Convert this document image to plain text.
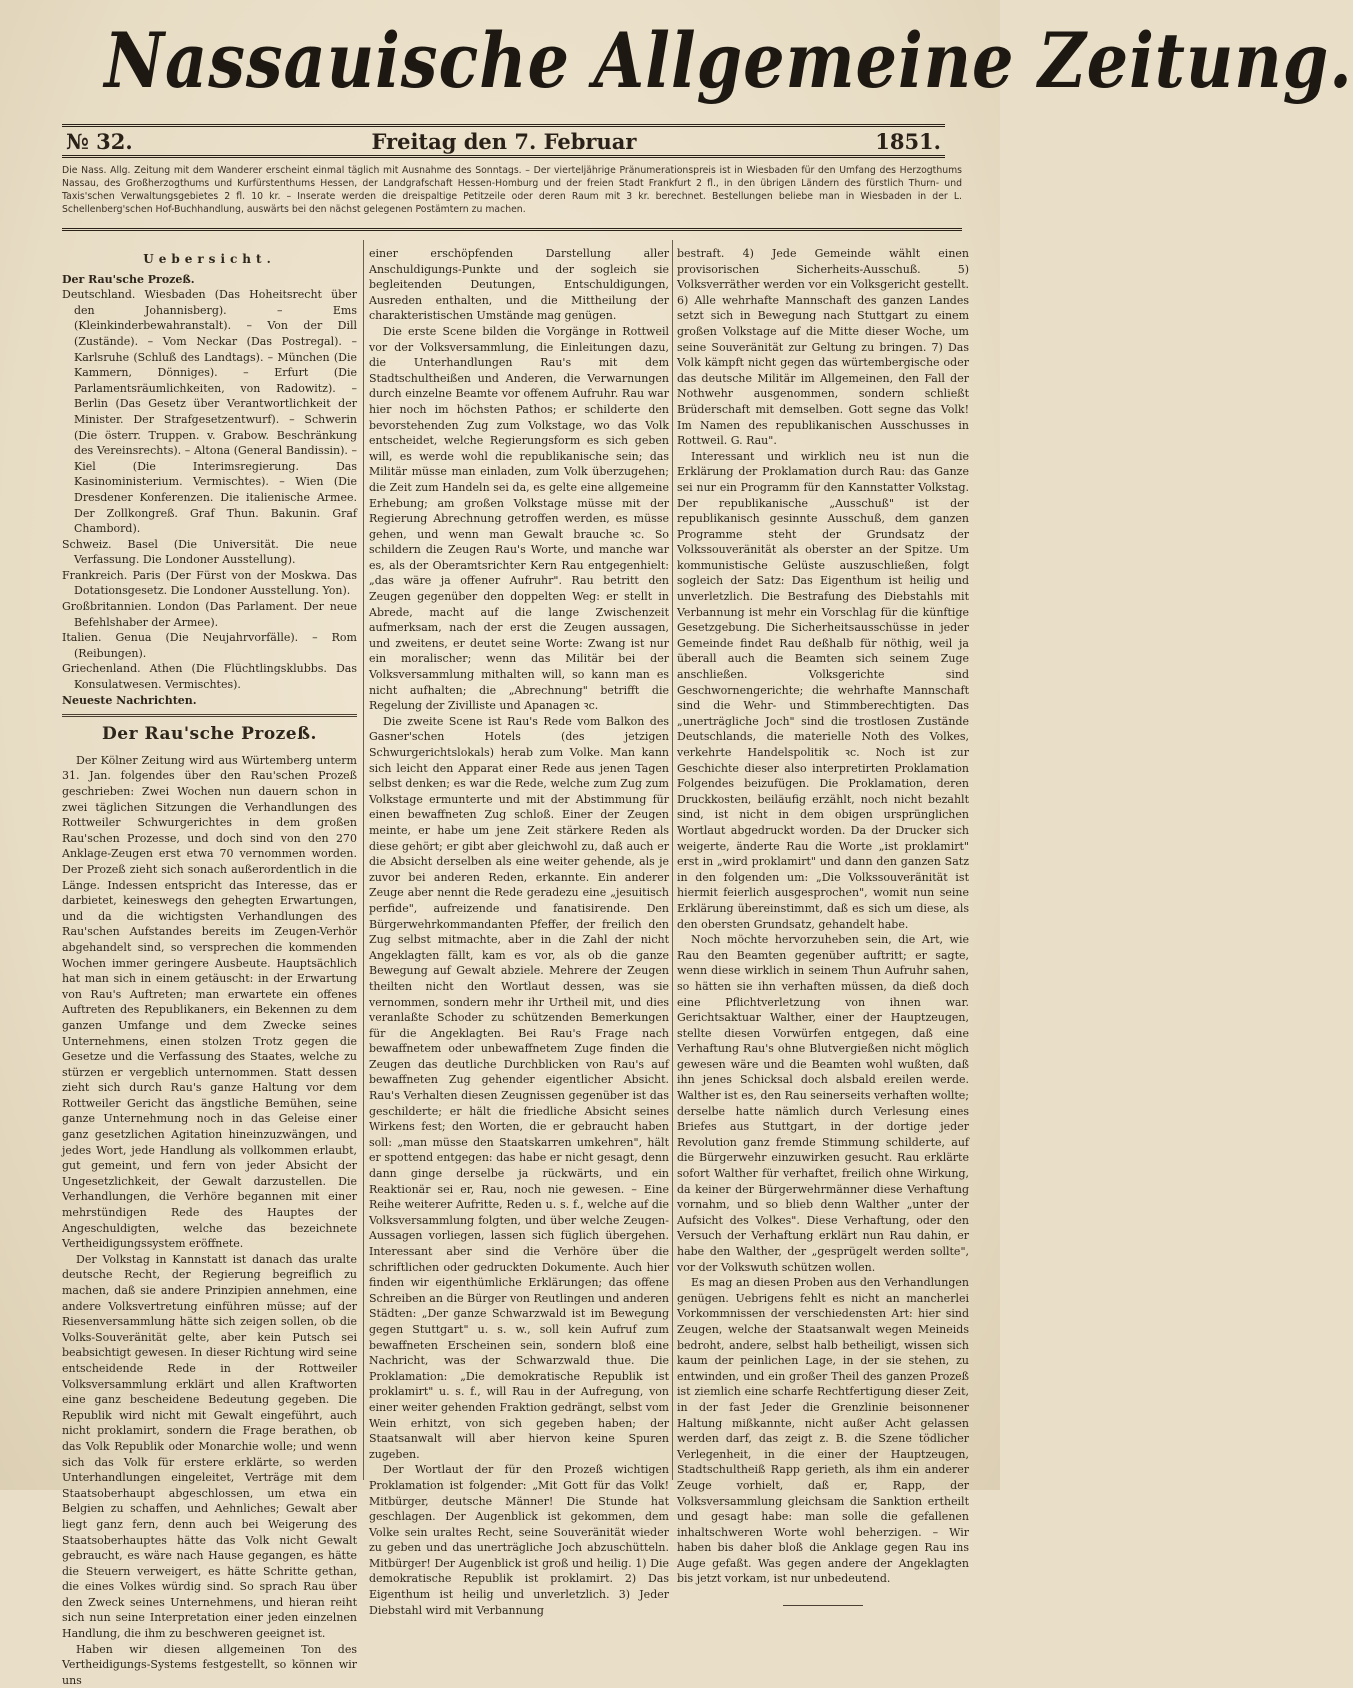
Nassauische Allgemeine Zeitung.
№ 32.	Freitag den 7. Februar	1851.
Die Nass. Allg. Zeitung mit dem Wanderer erscheint einmal täglich mit Ausnahme des Sonntags. – Der vierteljährige Pränumerationspreis ist in Wiesbaden für den Umfang des Herzogthums Nassau, des Großherzogthums und Kurfürstenthums Hessen, der Landgrafschaft Hessen-Homburg und der freien Stadt Frankfurt 2 fl., in den übrigen Ländern des fürstlich Thurn- und Taxis'schen Verwaltungsgebietes 2 fl. 10 kr. – Inserate werden die dreispaltige Petitzeile oder deren Raum mit 3 kr. berechnet. Bestellungen beliebe man in Wiesbaden in der L. Schellenberg'schen Hof-Buchhandlung, auswärts bei den nächst gelegenen Postämtern zu machen.
Uebersicht.

Der Rau'sche Prozeß.

Deutschland. Wiesbaden (Das Hoheitsrecht über den Johannisberg). – Ems (Kleinkinderbewahranstalt). – Von der Dill (Zustände). – Vom Neckar (Das Postregal). – Karlsruhe (Schluß des Landtags). – München (Die Kammern, Dönniges). – Erfurt (Die Parlamentsräumlichkeiten, von Radowitz). – Berlin (Das Gesetz über Verantwortlichkeit der Minister. Der Strafgesetzentwurf). – Schwerin (Die österr. Truppen. v. Grabow. Beschränkung des Vereinsrechts). – Altona (General Bandissin). – Kiel (Die Interimsregierung. Das Kasinoministerium. Vermischtes). – Wien (Die Dresdener Konferenzen. Die italienische Armee. Der Zollkongreß. Graf Thun. Bakunin. Graf Chambord).

Schweiz. Basel (Die Universität. Die neue Verfassung. Die Londoner Ausstellung).

Frankreich. Paris (Der Fürst von der Moskwa. Das Dotationsgesetz. Die Londoner Ausstellung. Yon).

Großbritannien. London (Das Parlament. Der neue Befehlshaber der Armee).

Italien. Genua (Die Neujahrvorfälle). – Rom (Reibungen).

Griechenland. Athen (Die Flüchtlingsklubbs. Das Konsulatwesen. Vermischtes).

Neueste Nachrichten.

Der Rau'sche Prozeß.

Der Kölner Zeitung wird aus Würtemberg unterm 31. Jan. folgendes über den Rau'schen Prozeß geschrieben: Zwei Wochen nun dauern schon in zwei täglichen Sitzungen die Verhandlungen des Rottweiler Schwurgerichtes in dem großen Rau'schen Prozesse, und doch sind von den 270 Anklage-Zeugen erst etwa 70 vernommen worden. Der Prozeß zieht sich sonach außerordentlich in die Länge. Indessen entspricht das Interesse, das er darbietet, keineswegs den gehegten Erwartungen, und da die wichtigsten Verhandlungen des Rau'schen Aufstandes bereits im Zeugen-Verhör abgehandelt sind, so versprechen die kommenden Wochen immer geringere Ausbeute. Hauptsächlich hat man sich in einem getäuscht: in der Erwartung von Rau's Auftreten; man erwartete ein offenes Auftreten des Republikaners, ein Bekennen zu dem ganzen Umfange und dem Zwecke seines Unternehmens, einen stolzen Trotz gegen die Gesetze und die Verfassung des Staates, welche zu stürzen er vergeblich unternommen. Statt dessen zieht sich durch Rau's ganze Haltung vor dem Rottweiler Gericht das ängstliche Bemühen, seine ganze Unternehmung noch in das Geleise einer ganz gesetzlichen Agitation hineinzuzwängen, und jedes Wort, jede Handlung als vollkommen erlaubt, gut gemeint, und fern von jeder Absicht der Ungesetzlichkeit, der Gewalt darzustellen. Die Verhandlungen, die Verhöre begannen mit einer mehrstündigen Rede des Hauptes der Angeschuldigten, welche das bezeichnete Vertheidigungssystem eröffnete.

Der Volkstag in Kannstatt ist danach das uralte deutsche Recht, der Regierung begreiflich zu machen, daß sie andere Prinzipien annehmen, eine andere Volksvertretung einführen müsse; auf der Riesenversammlung hätte sich zeigen sollen, ob die Volks-Souveränität gelte, aber kein Putsch sei beabsichtigt gewesen. In dieser Richtung wird seine entscheidende Rede in der Rottweiler Volksversammlung erklärt und allen Kraftworten eine ganz bescheidene Bedeutung gegeben. Die Republik wird nicht mit Gewalt eingeführt, auch nicht proklamirt, sondern die Frage berathen, ob das Volk Republik oder Monarchie wolle; und wenn sich das Volk für erstere erklärte, so werden Unterhandlungen eingeleitet, Verträge mit dem Staatsoberhaupt abgeschlossen, um etwa ein Belgien zu schaffen, und Aehnliches; Gewalt aber liegt ganz fern, denn auch bei Weigerung des Staatsoberhauptes hätte das Volk nicht Gewalt gebraucht, es wäre nach Hause gegangen, es hätte die Steuern verweigert, es hätte Schritte gethan, die eines Volkes würdig sind. So sprach Rau über den Zweck seines Unternehmens, und hieran reiht sich nun seine Interpretation einer jeden einzelnen Handlung, die ihm zu beschweren geeignet ist.

Haben wir diesen allgemeinen Ton des Vertheidigungs-Systems festgestellt, so können wir uns

einer erschöpfenden Darstellung aller Anschuldigungs-Punkte und der sogleich sie begleitenden Deutungen, Entschuldigungen, Ausreden enthalten, und die Mittheilung der charakteristischen Umstände mag genügen.

Die erste Scene bilden die Vorgänge in Rottweil vor der Volksversammlung, die Einleitungen dazu, die Unterhandlungen Rau's mit dem Stadtschultheißen und Anderen, die Verwarnungen durch einzelne Beamte vor offenem Aufruhr. Rau war hier noch im höchsten Pathos; er schilderte den bevorstehenden Zug zum Volkstage, wo das Volk entscheidet, welche Regierungsform es sich geben will, es werde wohl die republikanische sein; das Militär müsse man einladen, zum Volk überzugehen; die Zeit zum Handeln sei da, es gelte eine allgemeine Erhebung; am großen Volkstage müsse mit der Regierung Abrechnung getroffen werden, es müsse gehen, und wenn man Gewalt brauche ꝛc. So schildern die Zeugen Rau's Worte, und manche war es, als der Oberamtsrichter Kern Rau entgegenhielt: „das wäre ja offener Aufruhr". Rau betritt den Zeugen gegenüber den doppelten Weg: er stellt in Abrede, macht auf die lange Zwischenzeit aufmerksam, nach der erst die Zeugen aussagen, und zweitens, er deutet seine Worte: Zwang ist nur ein moralischer; wenn das Militär bei der Volksversammlung mithalten will, so kann man es nicht aufhalten; die „Abrechnung" betrifft die Regelung der Zivilliste und Apanagen ꝛc.

Die zweite Scene ist Rau's Rede vom Balkon des Gasner'schen Hotels (des jetzigen Schwurgerichtslokals) herab zum Volke. Man kann sich leicht den Apparat einer Rede aus jenen Tagen selbst denken; es war die Rede, welche zum Zug zum Volkstage ermunterte und mit der Abstimmung für einen bewaffneten Zug schloß. Einer der Zeugen meinte, er habe um jene Zeit stärkere Reden als diese gehört; er gibt aber gleichwohl zu, daß auch er die Absicht derselben als eine weiter gehende, als je zuvor bei anderen Reden, erkannte. Ein anderer Zeuge aber nennt die Rede geradezu eine „jesuitisch perfide", aufreizende und fanatisirende. Den Bürgerwehrkommandanten Pfeffer, der freilich den Zug selbst mitmachte, aber in die Zahl der nicht Angeklagten fällt, kam es vor, als ob die ganze Bewegung auf Gewalt abziele. Mehrere der Zeugen theilten nicht den Wortlaut dessen, was sie vernommen, sondern mehr ihr Urtheil mit, und dies veranlaßte Schoder zu schützenden Bemerkungen für die Angeklagten. Bei Rau's Frage nach bewaffnetem oder unbewaffnetem Zuge finden die Zeugen das deutliche Durchblicken von Rau's auf bewaffneten Zug gehender eigentlicher Absicht. Rau's Verhalten diesen Zeugnissen gegenüber ist das geschilderte; er hält die friedliche Absicht seines Wirkens fest; den Worten, die er gebraucht haben soll: „man müsse den Staatskarren umkehren", hält er spottend entgegen: das habe er nicht gesagt, denn dann ginge derselbe ja rückwärts, und ein Reaktionär sei er, Rau, noch nie gewesen. – Eine Reihe weiterer Aufritte, Reden u. s. f., welche auf die Volksversammlung folgten, und über welche Zeugen-Aussagen vorliegen, lassen sich füglich übergehen. Interessant aber sind die Verhöre über die schriftlichen oder gedruckten Dokumente. Auch hier finden wir eigenthümliche Erklärungen; das offene Schreiben an die Bürger von Reutlingen und anderen Städten: „Der ganze Schwarzwald ist im Bewegung gegen Stuttgart" u. s. w., soll kein Aufruf zum bewaffneten Erscheinen sein, sondern bloß eine Nachricht, was der Schwarzwald thue. Die Proklamation: „Die demokratische Republik ist proklamirt" u. s. f., will Rau in der Aufregung, von einer weiter gehenden Fraktion gedrängt, selbst vom Wein erhitzt, von sich gegeben haben; der Staatsanwalt will aber hiervon keine Spuren zugeben.

Der Wortlaut der für den Prozeß wichtigen Proklamation ist folgender: „Mit Gott für das Volk! Mitbürger, deutsche Männer! Die Stunde hat geschlagen. Der Augenblick ist gekommen, dem Volke sein uraltes Recht, seine Souveränität wieder zu geben und das unerträgliche Joch abzuschütteln. Mitbürger! Der Augenblick ist groß und heilig. 1) Die demokratische Republik ist proklamirt. 2) Das Eigenthum ist heilig und unverletzlich. 3) Jeder Diebstahl wird mit Verbannung

bestraft. 4) Jede Gemeinde wählt einen provisorischen Sicherheits-Ausschuß. 5) Volksverräther werden vor ein Volksgericht gestellt. 6) Alle wehrhafte Mannschaft des ganzen Landes setzt sich in Bewegung nach Stuttgart zu einem großen Volkstage auf die Mitte dieser Woche, um seine Souveränität zur Geltung zu bringen. 7) Das Volk kämpft nicht gegen das würtembergische oder das deutsche Militär im Allgemeinen, den Fall der Nothwehr ausgenommen, sondern schließt Brüderschaft mit demselben. Gott segne das Volk! Im Namen des republikanischen Ausschusses in Rottweil. G. Rau".

Interessant und wirklich neu ist nun die Erklärung der Proklamation durch Rau: das Ganze sei nur ein Programm für den Kannstatter Volkstag. Der republikanische „Ausschuß" ist der republikanisch gesinnte Ausschuß, dem ganzen Programme steht der Grundsatz der Volkssouveränität als oberster an der Spitze. Um kommunistische Gelüste auszuschließen, folgt sogleich der Satz: Das Eigenthum ist heilig und unverletzlich. Die Bestrafung des Diebstahls mit Verbannung ist mehr ein Vorschlag für die künftige Gesetzgebung. Die Sicherheitsausschüsse in jeder Gemeinde findet Rau deßhalb für nöthig, weil ja überall auch die Beamten sich seinem Zuge anschließen. Volksgerichte sind Geschwornengerichte; die wehrhafte Mannschaft sind die Wehr- und Stimmberechtigten. Das „unerträgliche Joch" sind die trostlosen Zustände Deutschlands, die materielle Noth des Volkes, verkehrte Handelspolitik ꝛc. Noch ist zur Geschichte dieser also interpretirten Proklamation Folgendes beizufügen. Die Proklamation, deren Druckkosten, beiläufig erzählt, noch nicht bezahlt sind, ist nicht in dem obigen ursprünglichen Wortlaut abgedruckt worden. Da der Drucker sich weigerte, änderte Rau die Worte „ist proklamirt" erst in „wird proklamirt" und dann den ganzen Satz in den folgenden um: „Die Volkssouveränität ist hiermit feierlich ausgesprochen", womit nun seine Erklärung übereinstimmt, daß es sich um diese, als den obersten Grundsatz, gehandelt habe.

Noch möchte hervorzuheben sein, die Art, wie Rau den Beamten gegenüber auftritt; er sagte, wenn diese wirklich in seinem Thun Aufruhr sahen, so hätten sie ihn verhaften müssen, da dieß doch eine Pflichtverletzung von ihnen war. Gerichtsaktuar Walther, einer der Hauptzeugen, stellte diesen Vorwürfen entgegen, daß eine Verhaftung Rau's ohne Blutvergießen nicht möglich gewesen wäre und die Beamten wohl wußten, daß ihn jenes Schicksal doch alsbald ereilen werde. Walther ist es, den Rau seinerseits verhaften wollte; derselbe hatte nämlich durch Verlesung eines Briefes aus Stuttgart, in der dortige jeder Revolution ganz fremde Stimmung schilderte, auf die Bürgerwehr einzuwirken gesucht. Rau erklärte sofort Walther für verhaftet, freilich ohne Wirkung, da keiner der Bürgerwehrmänner diese Verhaftung vornahm, und so blieb denn Walther „unter der Aufsicht des Volkes". Diese Verhaftung, oder den Versuch der Verhaftung erklärt nun Rau dahin, er habe den Walther, der „gesprügelt werden sollte", vor der Volkswuth schützen wollen.

Es mag an diesen Proben aus den Verhandlungen genügen. Uebrigens fehlt es nicht an mancherlei Vorkommnissen der verschiedensten Art: hier sind Zeugen, welche der Staatsanwalt wegen Meineids bedroht, andere, selbst halb betheiligt, wissen sich kaum der peinlichen Lage, in der sie stehen, zu entwinden, und ein großer Theil des ganzen Prozeß ist ziemlich eine scharfe Rechtfertigung dieser Zeit, in der fast Jeder die Grenzlinie beisonnener Haltung mißkannte, nicht außer Acht gelassen werden darf, das zeigt z. B. die Szene tödlicher Verlegenheit, in die einer der Hauptzeugen, Stadtschultheiß Rapp gerieth, als ihm ein anderer Zeuge vorhielt, daß er, Rapp, der Volksversammlung gleichsam die Sanktion ertheilt und gesagt habe: man solle die gefallenen inhaltschweren Worte wohl beherzigen. – Wir haben bis daher bloß die Anklage gegen Rau ins Auge gefaßt. Was gegen andere der Angeklagten bis jetzt vorkam, ist nur unbedeutend.
